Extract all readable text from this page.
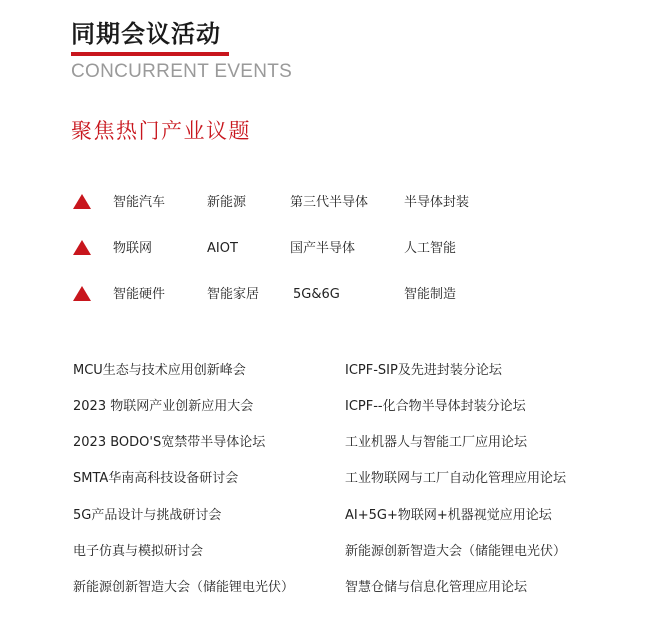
同期会议活动
CONCURRENT EVENTS
聚焦热门产业议题
智能汽车	新能源	第三代半导体	半导体封装
物联网	AIOT	国产半导体	人工智能
智能硬件	智能家居	5G&6G	智能制造
MCU生态与技术应用创新峰会
2023 物联网产业创新应用大会
2023 BODO'S宽禁带半导体论坛
SMTA华南高科技设备研讨会
5G产品设计与挑战研讨会
电子仿真与模拟研讨会
新能源创新智造大会（储能锂电光伏）
ICPF-SIP及先进封装分论坛
ICPF--化合物半导体封装分论坛
工业机器人与智能工厂应用论坛
工业物联网与工厂自动化管理应用论坛
AI+5G+物联网+机器视觉应用论坛
新能源创新智造大会（储能锂电光伏）
智慧仓储与信息化管理应用论坛
